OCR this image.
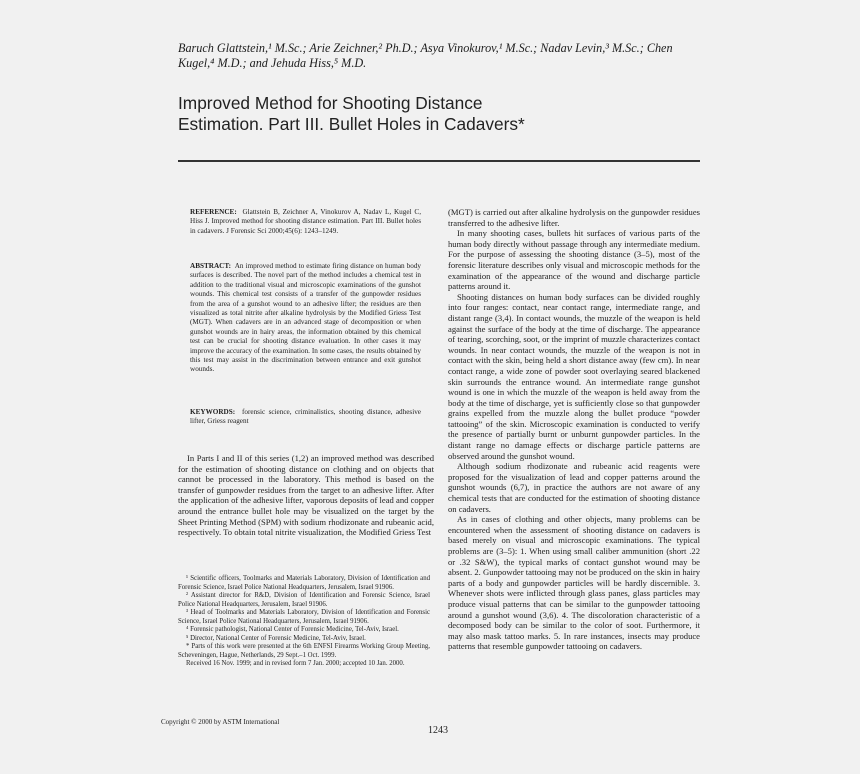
Baruch Glattstein,¹ M.Sc.; Arie Zeichner,² Ph.D.; Asya Vinokurov,¹ M.Sc.; Nadav Levin,³ M.Sc.; Chen Kugel,⁴ M.D.; and Jehuda Hiss,⁵ M.D.
Improved Method for Shooting Distance
Estimation. Part III. Bullet Holes in Cadavers*

REFERENCE: Glattstein B, Zeichner A, Vinokurov A, Nadav L, Kugel C, Hiss J. Improved method for shooting distance estimation. Part III. Bullet holes in cadavers. J Forensic Sci 2000;45(6): 1243–1249.

ABSTRACT: An improved method to estimate firing distance on human body surfaces is described. The novel part of the method includes a chemical test in addition to the traditional visual and microscopic examinations of the gunshot wounds. This chemical test consists of a transfer of the gunpowder residues from the area of a gunshot wound to an adhesive lifter; the residues are then visualized as total nitrite after alkaline hydrolysis by the Modified Griess Test (MGT). When cadavers are in an advanced stage of decomposition or when gunshot wounds are in hairy areas, the information obtained by this chemical test can be crucial for shooting distance evaluation. In other cases it may improve the accuracy of the examination. In some cases, the results obtained by this test may assist in the discrimination between entrance and exit gunshot wounds.

KEYWORDS: forensic science, criminalistics, shooting distance, adhesive lifter, Griess reagent

In Parts I and II of this series (1,2) an improved method was described for the estimation of shooting distance on clothing and on objects that cannot be processed in the laboratory. This method is based on the transfer of gunpowder residues from the target to an adhesive lifter. After the application of the adhesive lifter, vaporous deposits of lead and copper around the entrance bullet hole may be visualized on the target by the Sheet Printing Method (SPM) with sodium rhodizonate and rubeanic acid, respectively. To obtain total nitrite visualization, the Modified Griess Test

¹ Scientific officers, Toolmarks and Materials Laboratory, Division of Identification and Forensic Science, Israel Police National Headquarters, Jerusalem, Israel 91906.

² Assistant director for R&D, Division of Identification and Forensic Science, Israel Police National Headquarters, Jerusalem, Israel 91906.

³ Head of Toolmarks and Materials Laboratory, Division of Identification and Forensic Science, Israel Police National Headquarters, Jerusalem, Israel 91906.

⁴ Forensic pathologist, National Center of Forensic Medicine, Tel-Aviv, Israel.

⁵ Director, National Center of Forensic Medicine, Tel-Aviv, Israel.

* Parts of this work were presented at the 6th ENFSI Firearms Working Group Meeting, Scheveningen, Hague, Netherlands, 29 Sept.–1 Oct. 1999.

Received 16 Nov. 1999; and in revised form 7 Jan. 2000; accepted 10 Jan. 2000.

(MGT) is carried out after alkaline hydrolysis on the gunpowder residues transferred to the adhesive lifter.

In many shooting cases, bullets hit surfaces of various parts of the human body directly without passage through any intermediate medium. For the purpose of assessing the shooting distance (3–5), most of the forensic literature describes only visual and microscopic methods for the examination of the appearance of the wound and discharge particle patterns around it.

Shooting distances on human body surfaces can be divided roughly into four ranges: contact, near contact range, intermediate range, and distant range (3,4). In contact wounds, the muzzle of the weapon is held against the surface of the body at the time of discharge. The appearance of tearing, scorching, soot, or the imprint of muzzle characterizes contact wounds. In near contact wounds, the muzzle of the weapon is not in contact with the skin, being held a short distance away (few cm). In near contact range, a wide zone of powder soot overlaying seared blackened skin surrounds the entrance wound. An intermediate range gunshot wound is one in which the muzzle of the weapon is held away from the body at the time of discharge, yet is sufficiently close so that gunpowder grains expelled from the muzzle along the bullet produce “powder tattooing” of the skin. Microscopic examination is conducted to verify the presence of partially burnt or unburnt gunpowder particles. In the distant range no damage effects or discharge particle patterns are observed around the gunshot wound.

Although sodium rhodizonate and rubeanic acid reagents were proposed for the visualization of lead and copper patterns around the gunshot wounds (6,7), in practice the authors are not aware of any chemical tests that are conducted for the estimation of shooting distance on cadavers.

As in cases of clothing and other objects, many problems can be encountered when the assessment of shooting distance on cadavers is based merely on visual and microscopic examinations. The typical problems are (3–5): 1. When using small caliber ammunition (short .22 or .32 S&W), the typical marks of contact gunshot wound may be absent. 2. Gunpowder tattooing may not be produced on the skin in hairy parts of a body and gunpowder particles will be hardly discernible. 3. Whenever shots were inflicted through glass panes, glass particles may produce visual patterns that can be similar to the gunpowder tattooing around a gunshot wound (3,6). 4. The discoloration characteristic of a decomposed body can be similar to the color of soot. Furthermore, it may also mask tattoo marks. 5. In rare instances, insects may produce patterns that resemble gunpowder tattooing on cadavers.

Copyright © 2000 by ASTM International
1243
